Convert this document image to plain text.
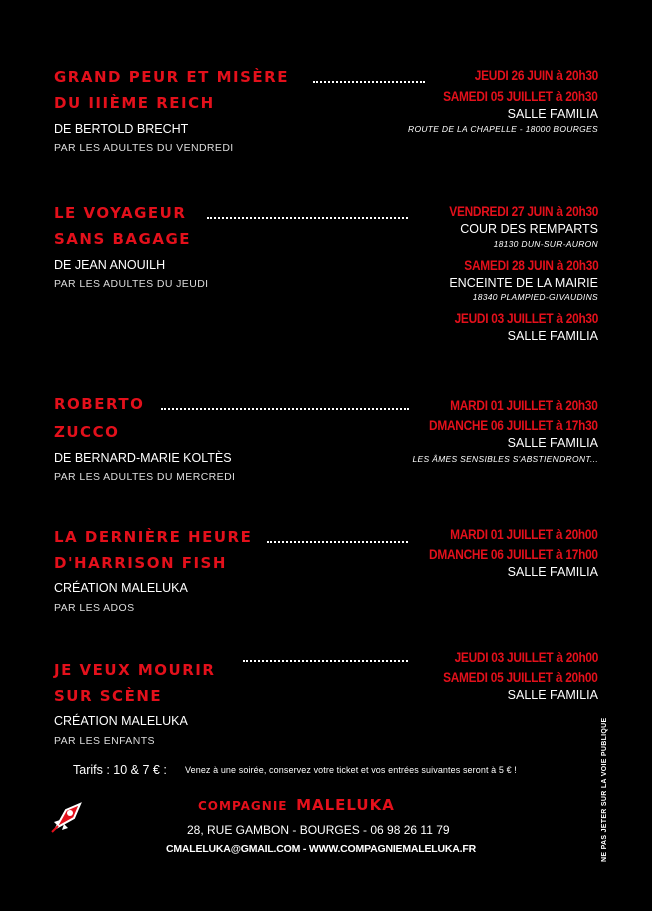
GRAND PEUR ET MISÈRE
DU IIIÈME REICH
DE BERTOLD BRECHT
PAR LES ADULTES DU VENDREDI
JEUDI 26 JUIN à 20h30
SAMEDI 05 JUILLET à 20h30
SALLE FAMILIA
ROUTE DE LA CHAPELLE - 18000 BOURGES
LE VOYAGEUR
SANS BAGAGE
DE JEAN ANOUILH
PAR LES ADULTES DU JEUDI
VENDREDI 27 JUIN à 20h30
COUR DES REMPARTS
18130 DUN-SUR-AURON
SAMEDI 28 JUIN à 20h30
ENCEINTE DE LA MAIRIE
18340 PLAMPIED-GIVAUDINS
JEUDI 03 JUILLET à 20h30
SALLE FAMILIA
ROBERTO
ZUCCO
DE BERNARD-MARIE KOLTÈS
PAR LES ADULTES DU MERCREDI
MARDI 01 JUILLET à 20h30
DMANCHE 06 JUILLET à 17h30
SALLE FAMILIA
LES ÂMES SENSIBLES S'ABSTIENDRONT...
LA DERNIÈRE HEURE
D'HARRISON FISH
CRÉATION MALELUKA
PAR LES ADOS
MARDI 01 JUILLET à 20h00
DMANCHE 06 JUILLET à 17h00
SALLE FAMILIA
JE VEUX MOURIR
SUR SCÈNE
CRÉATION MALELUKA
PAR LES ENFANTS
JEUDI 03 JUILLET à 20h00
SAMEDI 05 JUILLET à 20h00
SALLE FAMILIA
Tarifs : 10 & 7 € : Venez à une soirée, conservez votre ticket et vos entrées suivantes seront à 5 € !
COMPAGNIE MALELUKA
28, RUE GAMBON - BOURGES - 06 98 26 11 79
CMALELUKA@GMAIL.COM - WWW.COMPAGNIEMALELUKA.FR	NE PAS JETER SUR LA VOIE PUBLIQUE
